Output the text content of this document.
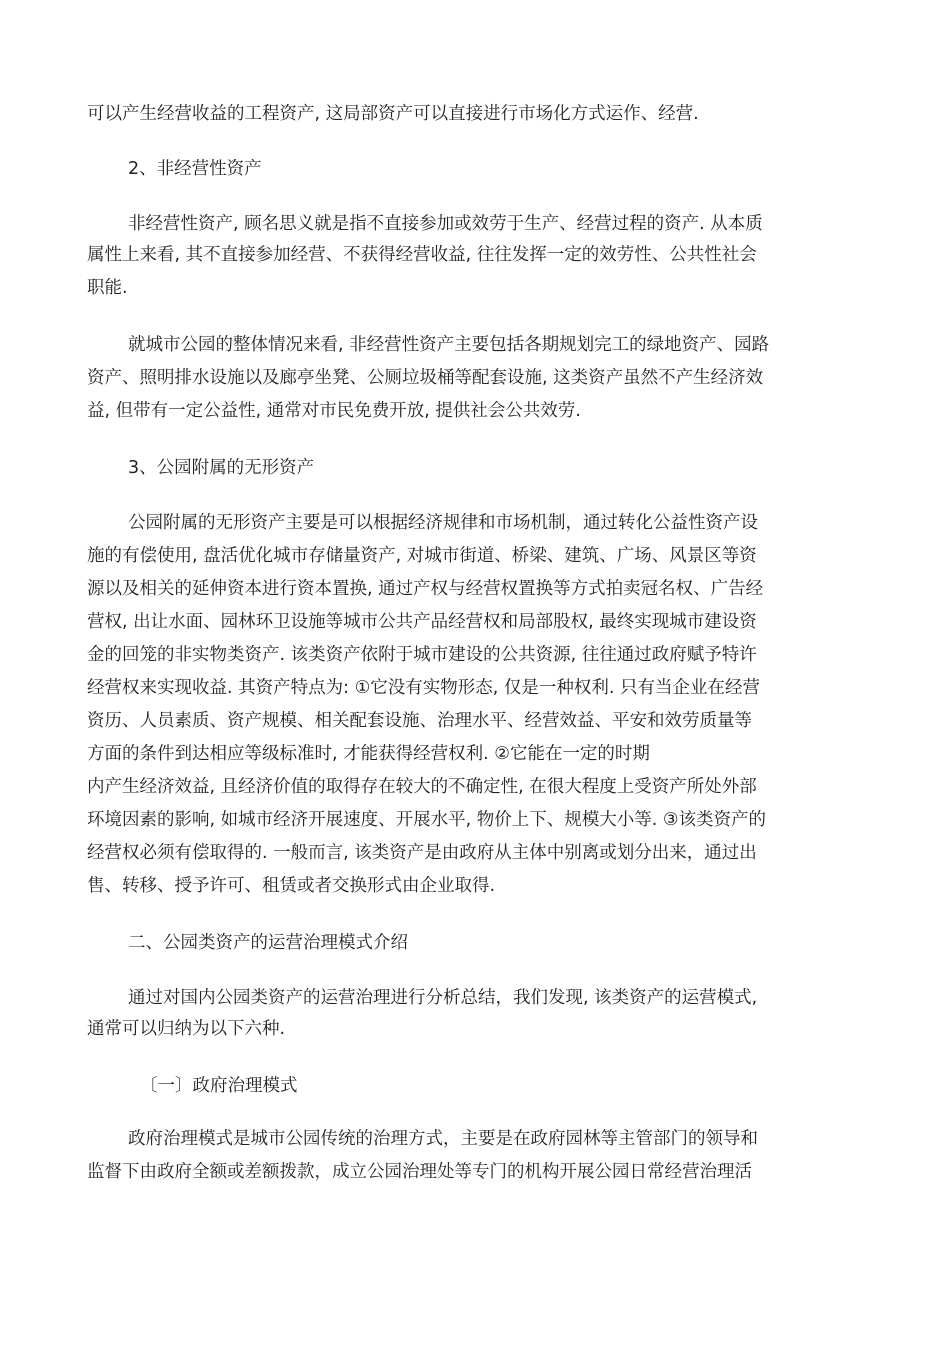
可以产生经营收益的工程资产, 这局部资产可以直接进行市场化方式运作、经营.
2、非经营性资产
非经营性资产, 顾名思义就是指不直接参加或效劳于生产、经营过程的资产. 从本质
属性上来看, 其不直接参加经营、不获得经营收益, 往往发挥一定的效劳性、公共性社会
职能.
就城市公园的整体情况来看, 非经营性资产主要包括各期规划完工的绿地资产、园路
资产、照明排水设施以及廊亭坐凳、公厕垃圾桶等配套设施, 这类资产虽然不产生经济效
益, 但带有一定公益性, 通常对市民免费开放, 提供社会公共效劳.
3、公园附属的无形资产
公园附属的无形资产主要是可以根据经济规律和市场机制，通过转化公益性资产设
施的有偿使用, 盘活优化城市存储量资产, 对城市街道、桥梁、建筑、广场、风景区等资
源以及相关的延伸资本进行资本置换, 通过产权与经营权置换等方式拍卖冠名权、广告经
营权, 出让水面、园林环卫设施等城市公共产品经营权和局部股权, 最终实现城市建设资
金的回笼的非实物类资产. 该类资产依附于城市建设的公共资源, 往往通过政府赋予特许
经营权来实现收益. 其资产特点为: ①它没有实物形态, 仅是一种权利. 只有当企业在经营
资历、人员素质、资产规模、相关配套设施、治理水平、经营效益、平安和效劳质量等
方面的条件到达相应等级标准时, 才能获得经营权利. ②它能在一定的时期
内产生经济效益, 且经济价值的取得存在较大的不确定性, 在很大程度上受资产所处外部
环境因素的影响, 如城市经济开展速度、开展水平, 物价上下、规模大小等. ③该类资产的
经营权必须有偿取得的. 一般而言, 该类资产是由政府从主体中别离或划分出来，通过出
售、转移、授予许可、租赁或者交换形式由企业取得.
二、公园类资产的运营治理模式介绍
通过对国内公园类资产的运营治理进行分析总结，我们发现, 该类资产的运营模式,
通常可以归纳为以下六种.
〔一〕政府治理模式
政府治理模式是城市公园传统的治理方式，主要是在政府园林等主管部门的领导和
监督下由政府全额或差额拨款，成立公园治理处等专门的机构开展公园日常经营治理活
